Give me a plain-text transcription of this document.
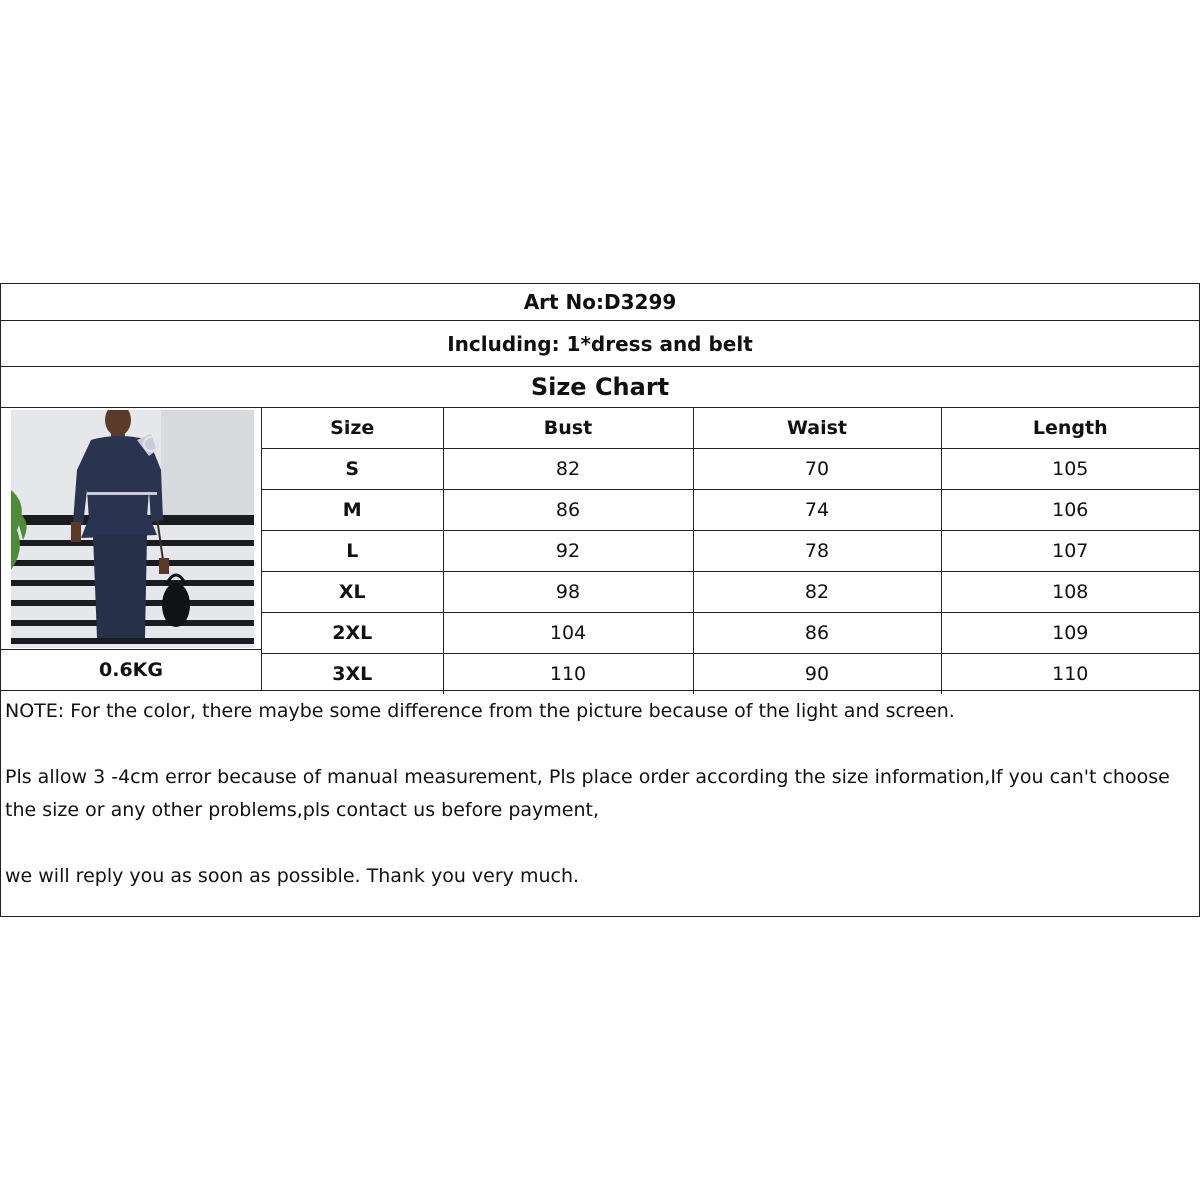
Art No:D3299
Including: 1*dress and belt
Size Chart
0.6KG
Size	Bust	Waist	Length
S	82	70	105
M	86	74	106
L	92	78	107
XL	98	82	108
2XL	104	86	109
3XL	110	90	110

NOTE: For the color, there maybe some difference from the picture because of the light and screen.

Pls allow 3 -4cm error because of manual measurement, Pls place order according the size information,If you can't choose the size or any other problems,pls contact us before payment,

we will reply you as soon as possible. Thank you very much.
